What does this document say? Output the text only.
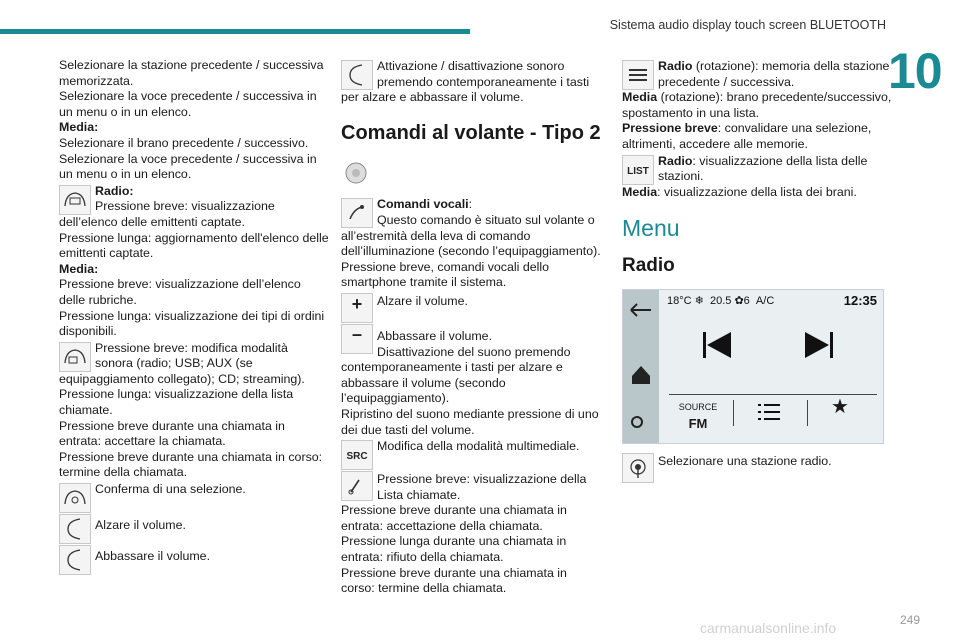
Sistema audio display touch screen BLUETOOTH
10

Selezionare la stazione precedente / successiva memorizzata.

Selezionare la voce precedente / successiva in un menu o in un elenco.

Media:

Selezionare il brano precedente / successivo.

Selezionare la voce precedente / successiva in un menu o in un elenco.

Radio:

Pressione breve: visualizzazione dell’elenco delle emittenti captate.

Pressione lunga: aggiornamento dell'elenco delle emittenti captate.

Media:

Pressione breve: visualizzazione dell’elenco delle rubriche.

Pressione lunga: visualizzazione dei tipi di ordini disponibili.

Pressione breve: modifica modalità sonora (radio; USB; AUX (se equipaggiamento collegato); CD; streaming).

Pressione lunga: visualizzazione della lista chiamate.

Pressione breve durante una chiamata in entrata: accettare la chiamata.

Pressione breve durante una chiamata in corso: termine della chiamata.

Conferma di una selezione.

Alzare il volume.

Abbassare il volume.

Attivazione / disattivazione sonoro premendo contemporaneamente i tasti per alzare e abbassare il volume.

Comandi al volante - Tipo 2

Comandi vocali:

Questo comando è situato sul volante o all’estremità della leva di comando dell’illuminazione (secondo l’equipaggiamento).

Pressione breve, comandi vocali dello smartphone tramite il sistema.

+	Alzare il volume.

–	Abbassare il volume.

Disattivazione del suono premendo contemporaneamente i tasti per alzare e abbassare il volume (secondo l’equipaggiamento).

Ripristino del suono mediante pressione di uno dei due tasti del volume.

SRC

Modifica della modalità multimediale.

Pressione breve: visualizzazione della Lista chiamate.

Pressione breve durante una chiamata in entrata: accettazione della chiamata.

Pressione lunga durante una chiamata in entrata: rifiuto della chiamata.

Pressione breve durante una chiamata in corso: termine della chiamata.

Radio (rotazione): memoria della stazione precedente / successiva.

Media (rotazione): brano precedente/successivo, spostamento in una lista.

Pressione breve: convalidare una selezione, altrimenti, accedere alle memorie.

LIST

Radio: visualizzazione della lista delle stazioni.

Media: visualizzazione della lista dei brani.

Menu
Radio
18°C ❄  20.5 ✿6 A/C	12:35
SOURCE
FM
★

Selezionare una stazione radio.

249
carmanualsonline.info
